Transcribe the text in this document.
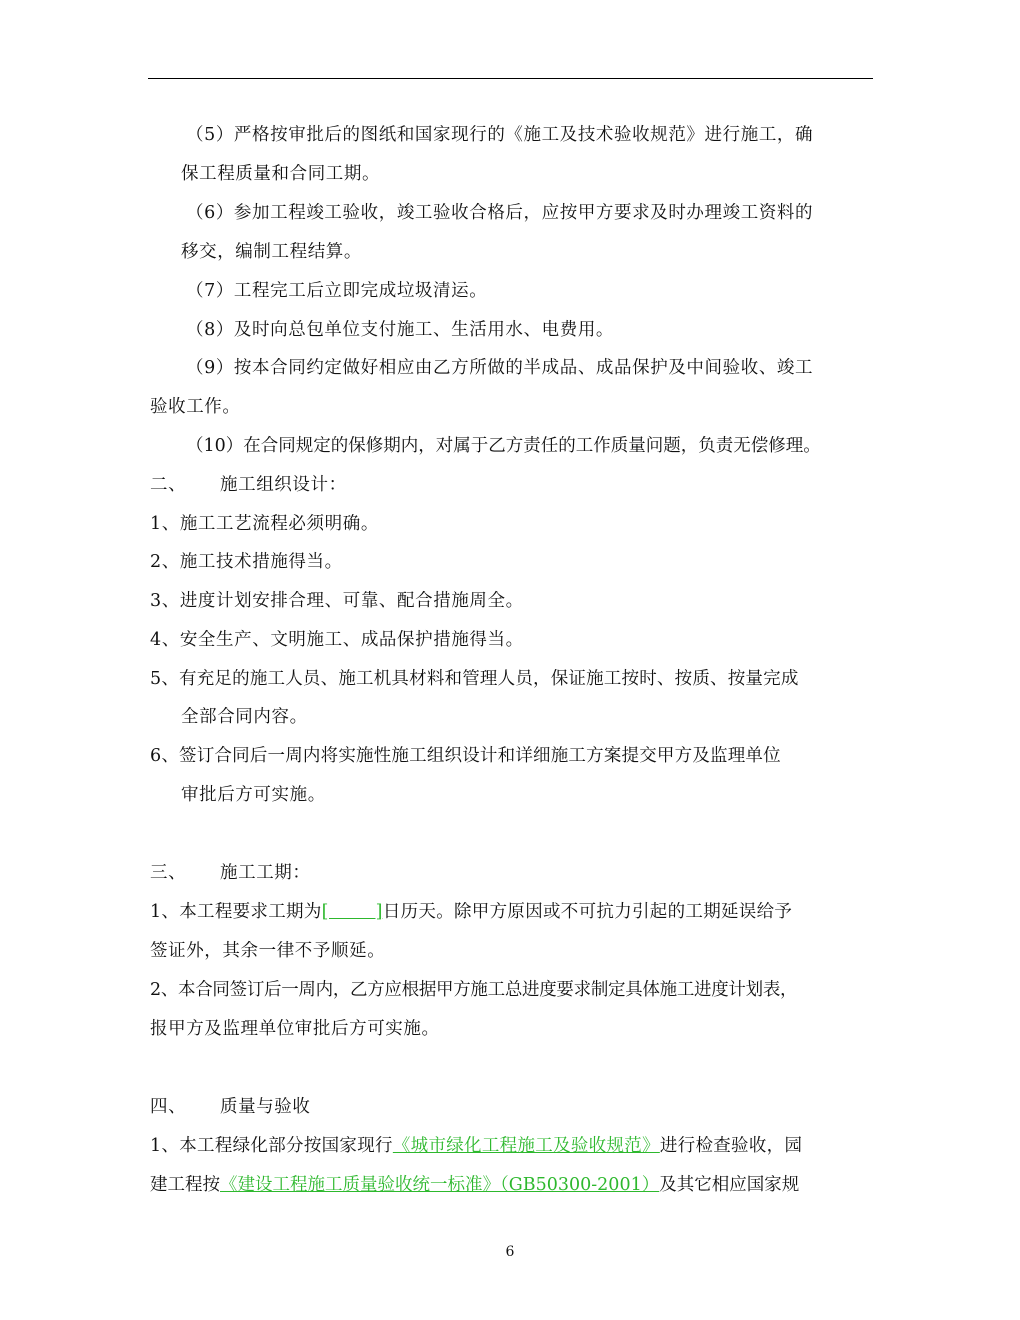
（5）严格按审批后的图纸和国家现行的《施工及技术验收规范》进行施工，确
保工程质量和合同工期。
（6）参加工程竣工验收，竣工验收合格后，应按甲方要求及时办理竣工资料的
移交，编制工程结算。
（7）工程完工后立即完成垃圾清运。
（8）及时向总包单位支付施工、生活用水、电费用。
（9）按本合同约定做好相应由乙方所做的半成品、成品保护及中间验收、竣工
验收工作。
（10）在合同规定的保修期内，对属于乙方责任的工作质量问题，负责无偿修理。
二、 施工组织设计：
1、施工工艺流程必须明确。
2、施工技术措施得当。
3、进度计划安排合理、可靠、配合措施周全。
4、安全生产、文明施工、成品保护措施得当。
5、有充足的施工人员、施工机具材料和管理人员，保证施工按时、按质、按量完成
全部合同内容。
6、签订合同后一周内将实施性施工组织设计和详细施工方案提交甲方及监理单位
审批后方可实施。
三、 施工工期：
1、本工程要求工期为[        ]日历天。除甲方原因或不可抗力引起的工期延误给予
签证外，其余一律不予顺延。
2、本合同签订后一周内，乙方应根据甲方施工总进度要求制定具体施工进度计划表，
报甲方及监理单位审批后方可实施。
四、 质量与验收
1、本工程绿化部分按国家现行《城市绿化工程施工及验收规范》进行检查验收，园
建工程按《建设工程施工质量验收统一标准》（GB50300-2001）及其它相应国家规
6
